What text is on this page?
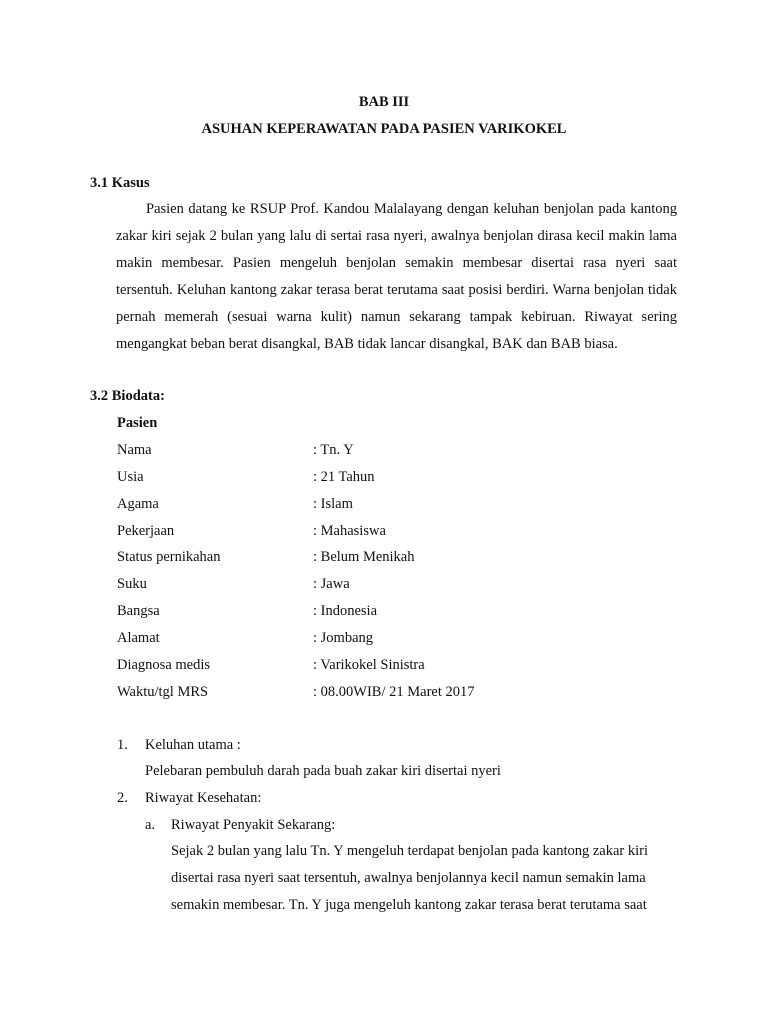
BAB III
ASUHAN KEPERAWATAN PADA PASIEN VARIKOKEL
3.1 Kasus
Pasien datang ke RSUP Prof. Kandou Malalayang dengan keluhan benjolan pada kantong zakar kiri sejak 2 bulan yang lalu di sertai rasa nyeri, awalnya benjolan dirasa kecil makin lama makin membesar. Pasien mengeluh benjolan semakin membesar disertai rasa nyeri saat tersentuh. Keluhan kantong zakar terasa berat terutama saat posisi berdiri. Warna benjolan tidak pernah memerah (sesuai warna kulit) namun sekarang tampak kebiruan. Riwayat sering mengangkat beban berat disangkal, BAB tidak lancar disangkal, BAK dan BAB biasa.
3.2 Biodata:
Pasien
Nama	: Tn. Y
Usia	: 21 Tahun
Agama	: Islam
Pekerjaan	: Mahasiswa
Status pernikahan	: Belum Menikah
Suku	: Jawa
Bangsa	: Indonesia
Alamat	: Jombang
Diagnosa medis	: Varikokel Sinistra
Waktu/tgl MRS	: 08.00WIB/ 21 Maret 2017
1. Keluhan utama :
Pelebaran pembuluh darah pada buah zakar kiri disertai nyeri
2. Riwayat Kesehatan:
a. Riwayat Penyakit Sekarang:
Sejak 2 bulan yang lalu Tn. Y mengeluh terdapat benjolan pada kantong zakar kiri
disertai rasa nyeri saat tersentuh, awalnya benjolannya kecil namun semakin lama
semakin membesar. Tn. Y juga mengeluh kantong zakar terasa berat terutama saat
